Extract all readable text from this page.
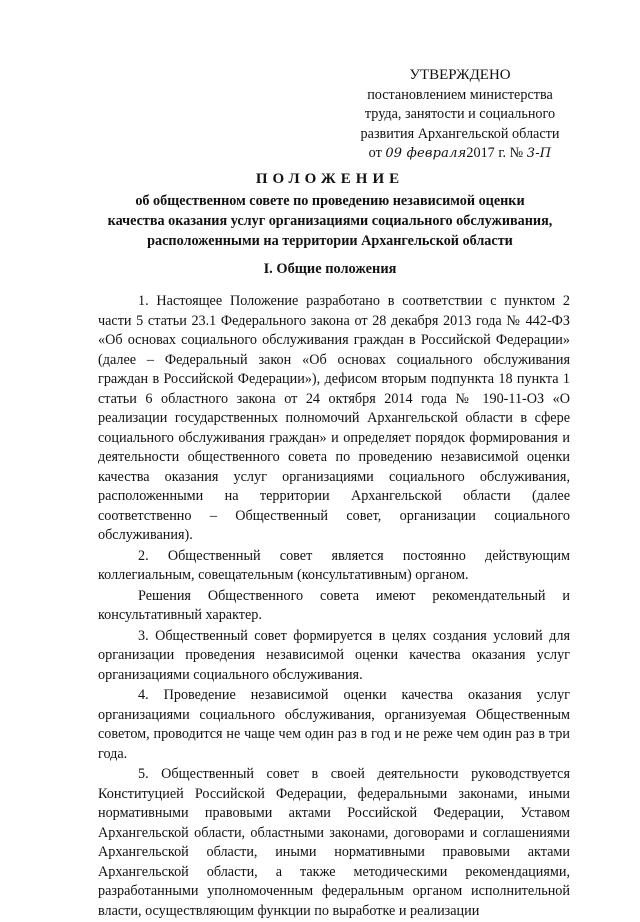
УТВЕРЖДЕНО
постановлением министерства
труда, занятости и социального
развития Архангельской области
от 09 февраля2017 г. № 3-П
ПОЛОЖЕНИЕ
об общественном совете по проведению независимой оценки
качества оказания услуг организациями социального обслуживания,
расположенными на территории Архангельской области
I. Общие положения

1. Настоящее Положение разработано в соответствии с пунктом 2 части 5 статьи 23.1 Федерального закона от 28 декабря 2013 года № 442-ФЗ «Об основах социального обслуживания граждан в Российской Федерации» (далее – Федеральный закон «Об основах социального обслуживания граждан в Российской Федерации»), дефисом вторым подпункта 18 пункта 1 статьи 6 областного закона от 24 октября 2014 года № 190-11-ОЗ «О реализации государственных полномочий Архангельской области в сфере социального обслуживания граждан» и определяет порядок формирования и деятельности общественного совета по проведению независимой оценки качества оказания услуг организациями социального обслуживания, расположенными на территории Архангельской области (далее соответственно – Общественный совет, организации социального обслуживания).

2. Общественный совет является постоянно действующим коллегиальным, совещательным (консультативным) органом.

Решения Общественного совета имеют рекомендательный и консультативный характер.

3. Общественный совет формируется в целях создания условий для организации проведения независимой оценки качества оказания услуг организациями социального обслуживания.

4. Проведение независимой оценки качества оказания услуг организациями социального обслуживания, организуемая Общественным советом, проводится не чаще чем один раз в год и не реже чем один раз в три года.

5. Общественный совет в своей деятельности руководствуется Конституцией Российской Федерации, федеральными законами, иными нормативными правовыми актами Российской Федерации, Уставом Архангельской области, областными законами, договорами и соглашениями Архангельской области, иными нормативными правовыми актами Архангельской области, а также методическими рекомендациями, разработанными уполномоченным федеральным органом исполнительной власти, осуществляющим функции по выработке и реализации
